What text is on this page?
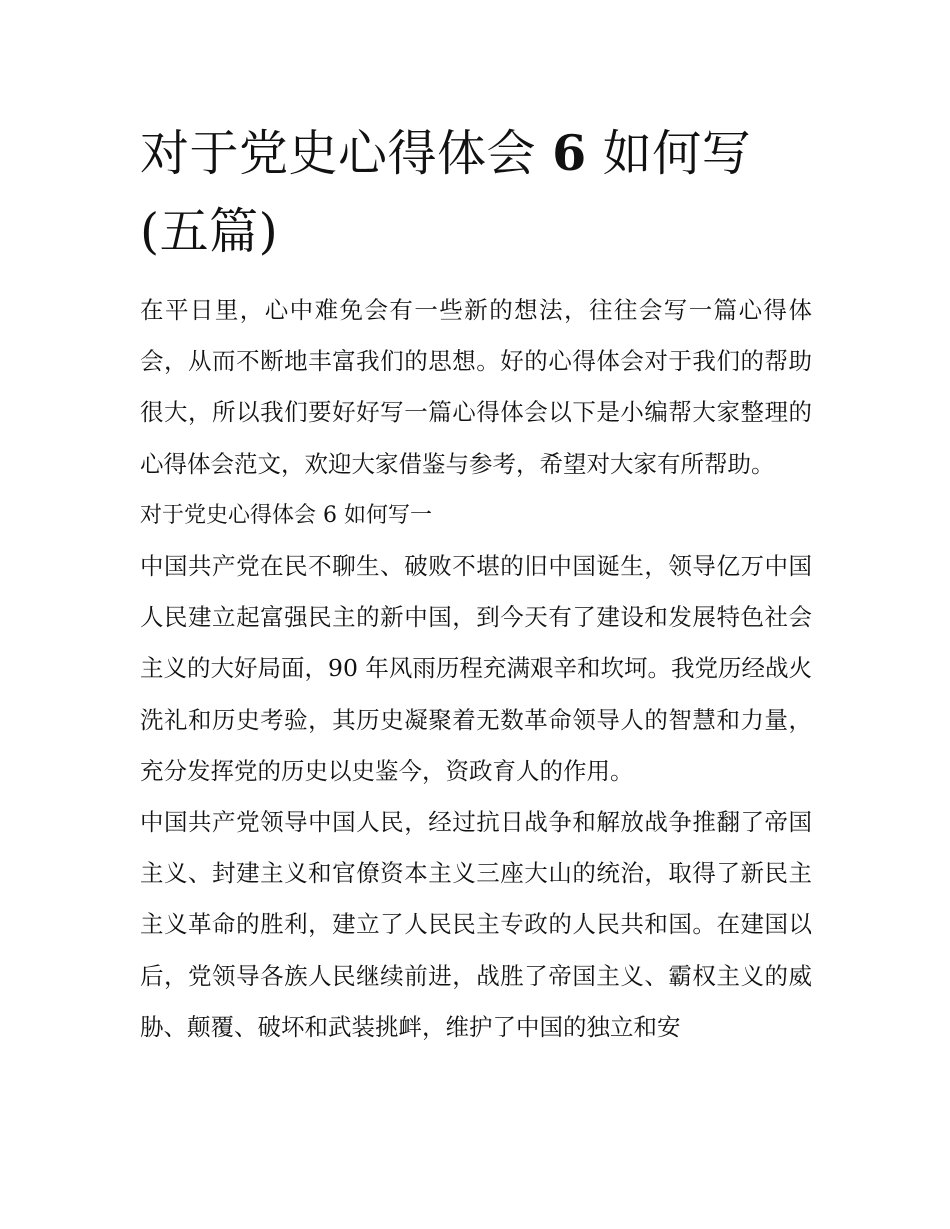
对于党史心得体会 6 如何写(五篇)

在平日里，心中难免会有一些新的想法，往往会写一篇心得体会，从而不断地丰富我们的思想。好的心得体会对于我们的帮助很大，所以我们要好好写一篇心得体会以下是小编帮大家整理的心得体会范文，欢迎大家借鉴与参考，希望对大家有所帮助。

对于党史心得体会 6 如何写一

中国共产党在民不聊生、破败不堪的旧中国诞生，领导亿万中国人民建立起富强民主的新中国，到今天有了建设和发展特色社会主义的大好局面，90 年风雨历程充满艰辛和坎坷。我党历经战火洗礼和历史考验，其历史凝聚着无数革命领导人的智慧和力量，充分发挥党的历史以史鉴今，资政育人的作用。

中国共产党领导中国人民，经过抗日战争和解放战争推翻了帝国主义、封建主义和官僚资本主义三座大山的统治，取得了新民主主义革命的胜利，建立了人民民主专政的人民共和国。在建国以后，党领导各族人民继续前进，战胜了帝国主义、霸权主义的威胁、颠覆、破坏和武装挑衅，维护了中国的独立和安
